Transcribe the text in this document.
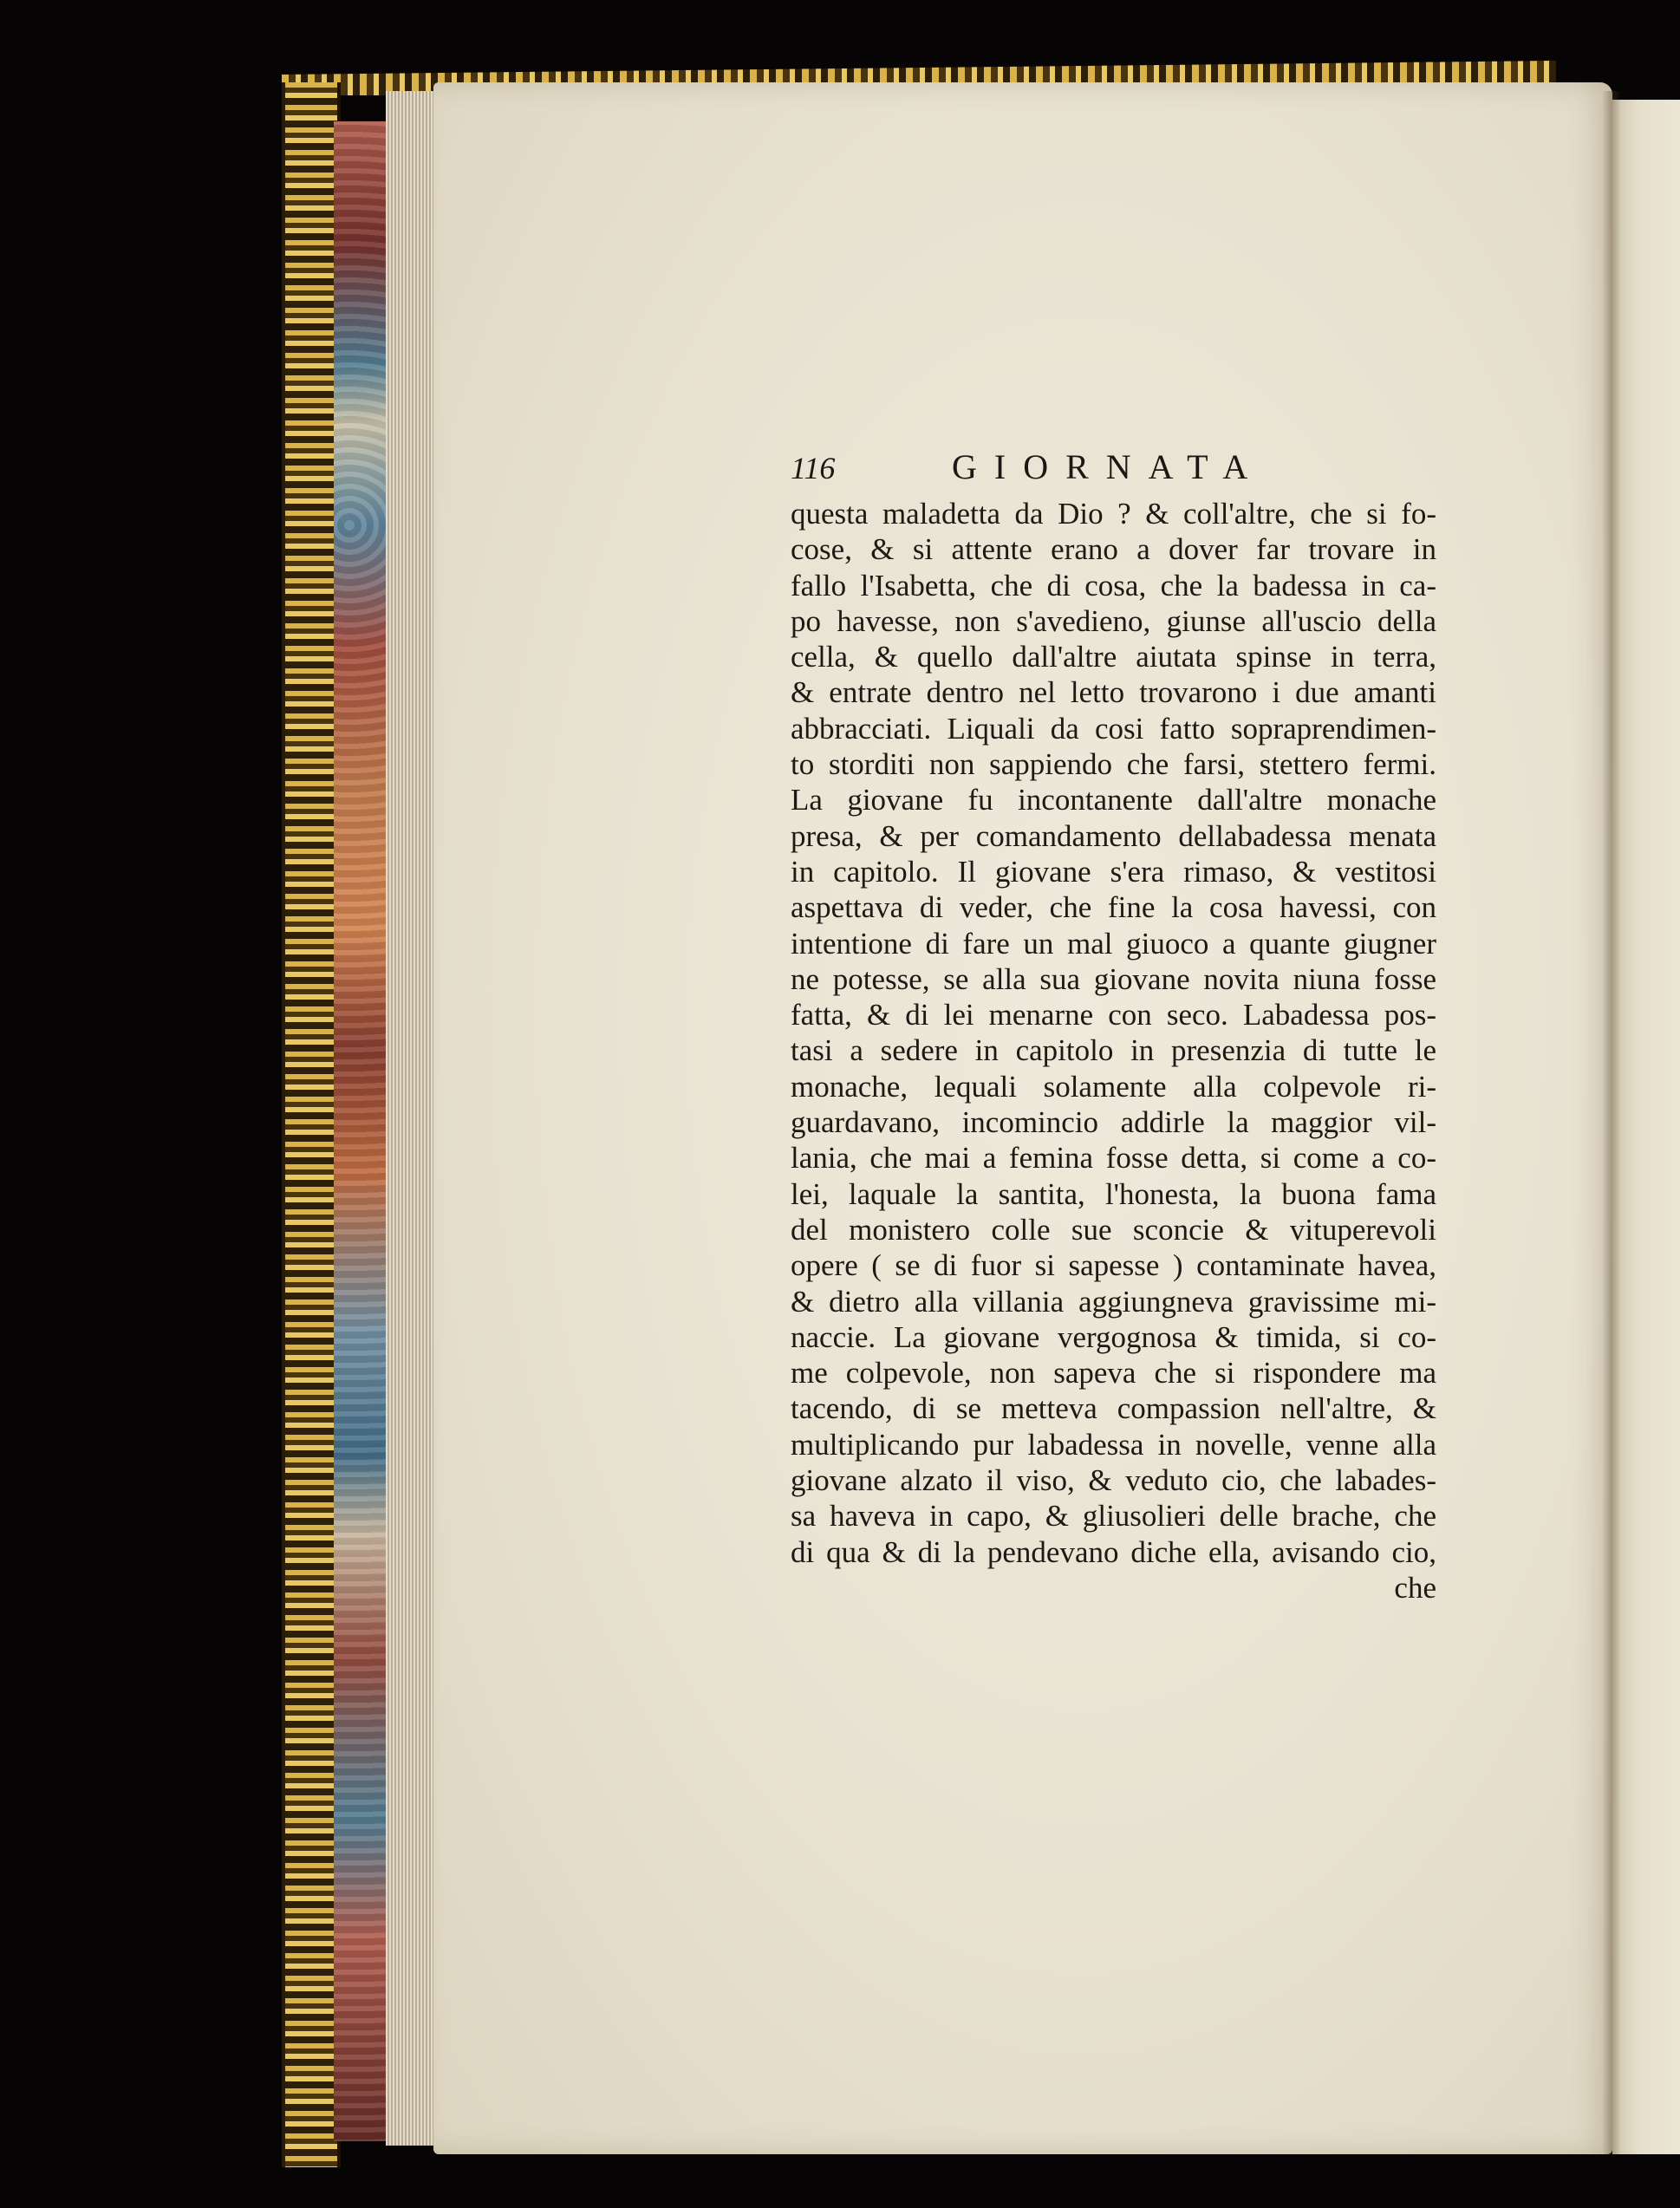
116	GIORNATA
questa maladetta da Dio ? & coll'altre, che si fo-
cose, & si attente erano a dover far trovare in
fallo l'Isabetta, che di cosa, che la badessa in ca-
po havesse, non s'avedieno, giunse all'uscio della
cella, & quello dall'altre aiutata spinse in terra,
& entrate dentro nel letto trovarono i due amanti
abbracciati. Liquali da cosi fatto sopraprendimen-
to storditi non sappiendo che farsi, stettero fermi.
La giovane fu incontanente dall'altre monache
presa, & per comandamento dellabadessa menata
in capitolo. Il giovane s'era rimaso, & vestitosi
aspettava di veder, che fine la cosa havessi, con
intentione di fare un mal giuoco a quante giugner
ne potesse, se alla sua giovane novita niuna fosse
fatta, & di lei menarne con seco. Labadessa pos-
tasi a sedere in capitolo in presenzia di tutte le
monache, lequali solamente alla colpevole ri-
guardavano, incomincio addirle la maggior vil-
lania, che mai a femina fosse detta, si come a co-
lei, laquale la santita, l'honesta, la buona fama
del monistero colle sue sconcie & vituperevoli
opere ( se di fuor si sapesse ) contaminate havea,
& dietro alla villania aggiungneva gravissime mi-
naccie. La giovane vergognosa & timida, si co-
me colpevole, non sapeva che si rispondere ma
tacendo, di se metteva compassion nell'altre, &
multiplicando pur labadessa in novelle, venne alla
giovane alzato il viso, & veduto cio, che labades-
sa haveva in capo, & gliusolieri delle brache, che
di qua & di la pendevano diche ella, avisando cio,
che
